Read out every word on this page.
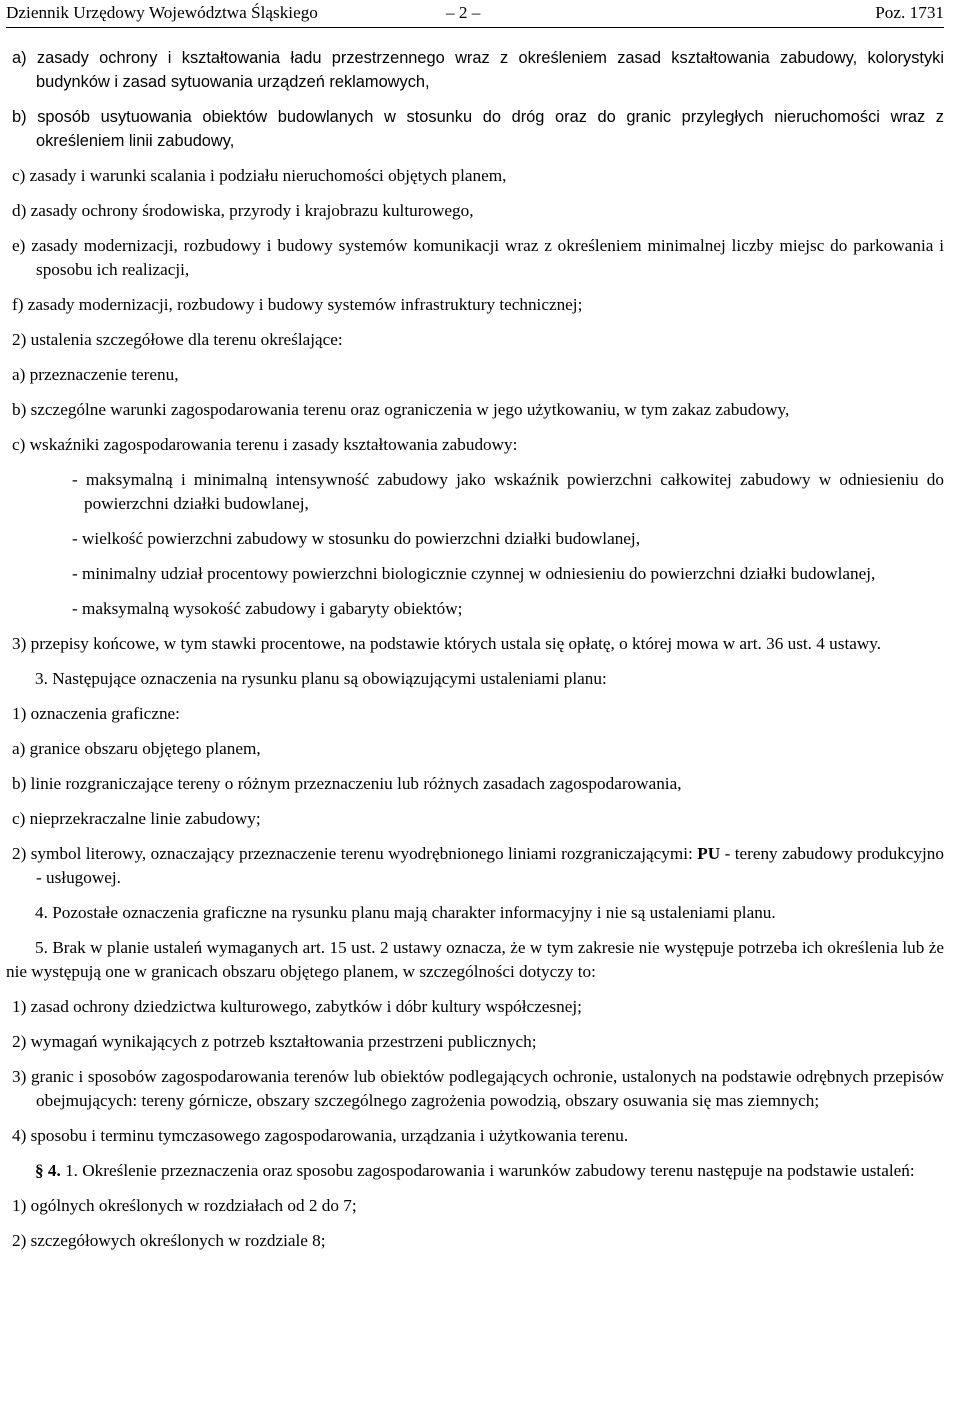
Dziennik Urzędowy Województwa Śląskiego	– 2 –	Poz. 1731

a) zasady ochrony i kształtowania ładu przestrzennego wraz z określeniem zasad kształtowania zabudowy, kolorystyki budynków i zasad sytuowania urządzeń reklamowych,

b) sposób usytuowania obiektów budowlanych w stosunku do dróg oraz do granic przyległych nieruchomości wraz z określeniem linii zabudowy,

c) zasady i warunki scalania i podziału nieruchomości objętych planem,

d) zasady ochrony środowiska, przyrody i krajobrazu kulturowego,

e) zasady modernizacji, rozbudowy i budowy systemów komunikacji wraz z określeniem minimalnej liczby miejsc do parkowania i sposobu ich realizacji,

f) zasady modernizacji, rozbudowy i budowy systemów infrastruktury technicznej;

2) ustalenia szczegółowe dla terenu określające:

a) przeznaczenie terenu,

b) szczególne warunki zagospodarowania terenu oraz ograniczenia w jego użytkowaniu, w tym zakaz zabudowy,

c) wskaźniki zagospodarowania terenu i zasady kształtowania zabudowy:

- maksymalną i minimalną intensywność zabudowy jako wskaźnik powierzchni całkowitej zabudowy w odniesieniu do powierzchni działki budowlanej,

- wielkość powierzchni zabudowy w stosunku do powierzchni działki budowlanej,

- minimalny udział procentowy powierzchni biologicznie czynnej w odniesieniu do powierzchni działki budowlanej,

- maksymalną wysokość zabudowy i gabaryty obiektów;

3) przepisy końcowe, w tym stawki procentowe, na podstawie których ustala się opłatę, o której mowa w art. 36 ust. 4 ustawy.

3. Następujące oznaczenia na rysunku planu są obowiązującymi ustaleniami planu:

1) oznaczenia graficzne:

a) granice obszaru objętego planem,

b) linie rozgraniczające tereny o różnym przeznaczeniu lub różnych zasadach zagospodarowania,

c) nieprzekraczalne linie zabudowy;

2) symbol literowy, oznaczający przeznaczenie terenu wyodrębnionego liniami rozgraniczającymi: PU - tereny zabudowy produkcyjno - usługowej.

4. Pozostałe oznaczenia graficzne na rysunku planu mają charakter informacyjny i nie są ustaleniami planu.

5. Brak w planie ustaleń wymaganych art. 15 ust. 2 ustawy oznacza, że w tym zakresie nie występuje potrzeba ich określenia lub że nie występują one w granicach obszaru objętego planem, w szczególności dotyczy to:

1) zasad ochrony dziedzictwa kulturowego, zabytków i dóbr kultury współczesnej;

2) wymagań wynikających z potrzeb kształtowania przestrzeni publicznych;

3) granic i sposobów zagospodarowania terenów lub obiektów podlegających ochronie, ustalonych na podstawie odrębnych przepisów obejmujących: tereny górnicze, obszary szczególnego zagrożenia powodzią, obszary osuwania się mas ziemnych;

4) sposobu i terminu tymczasowego zagospodarowania, urządzania i użytkowania terenu.

§ 4. 1. Określenie przeznaczenia oraz sposobu zagospodarowania i warunków zabudowy terenu następuje na podstawie ustaleń:

1) ogólnych określonych w rozdziałach od 2 do 7;

2) szczegółowych określonych w rozdziale 8;
